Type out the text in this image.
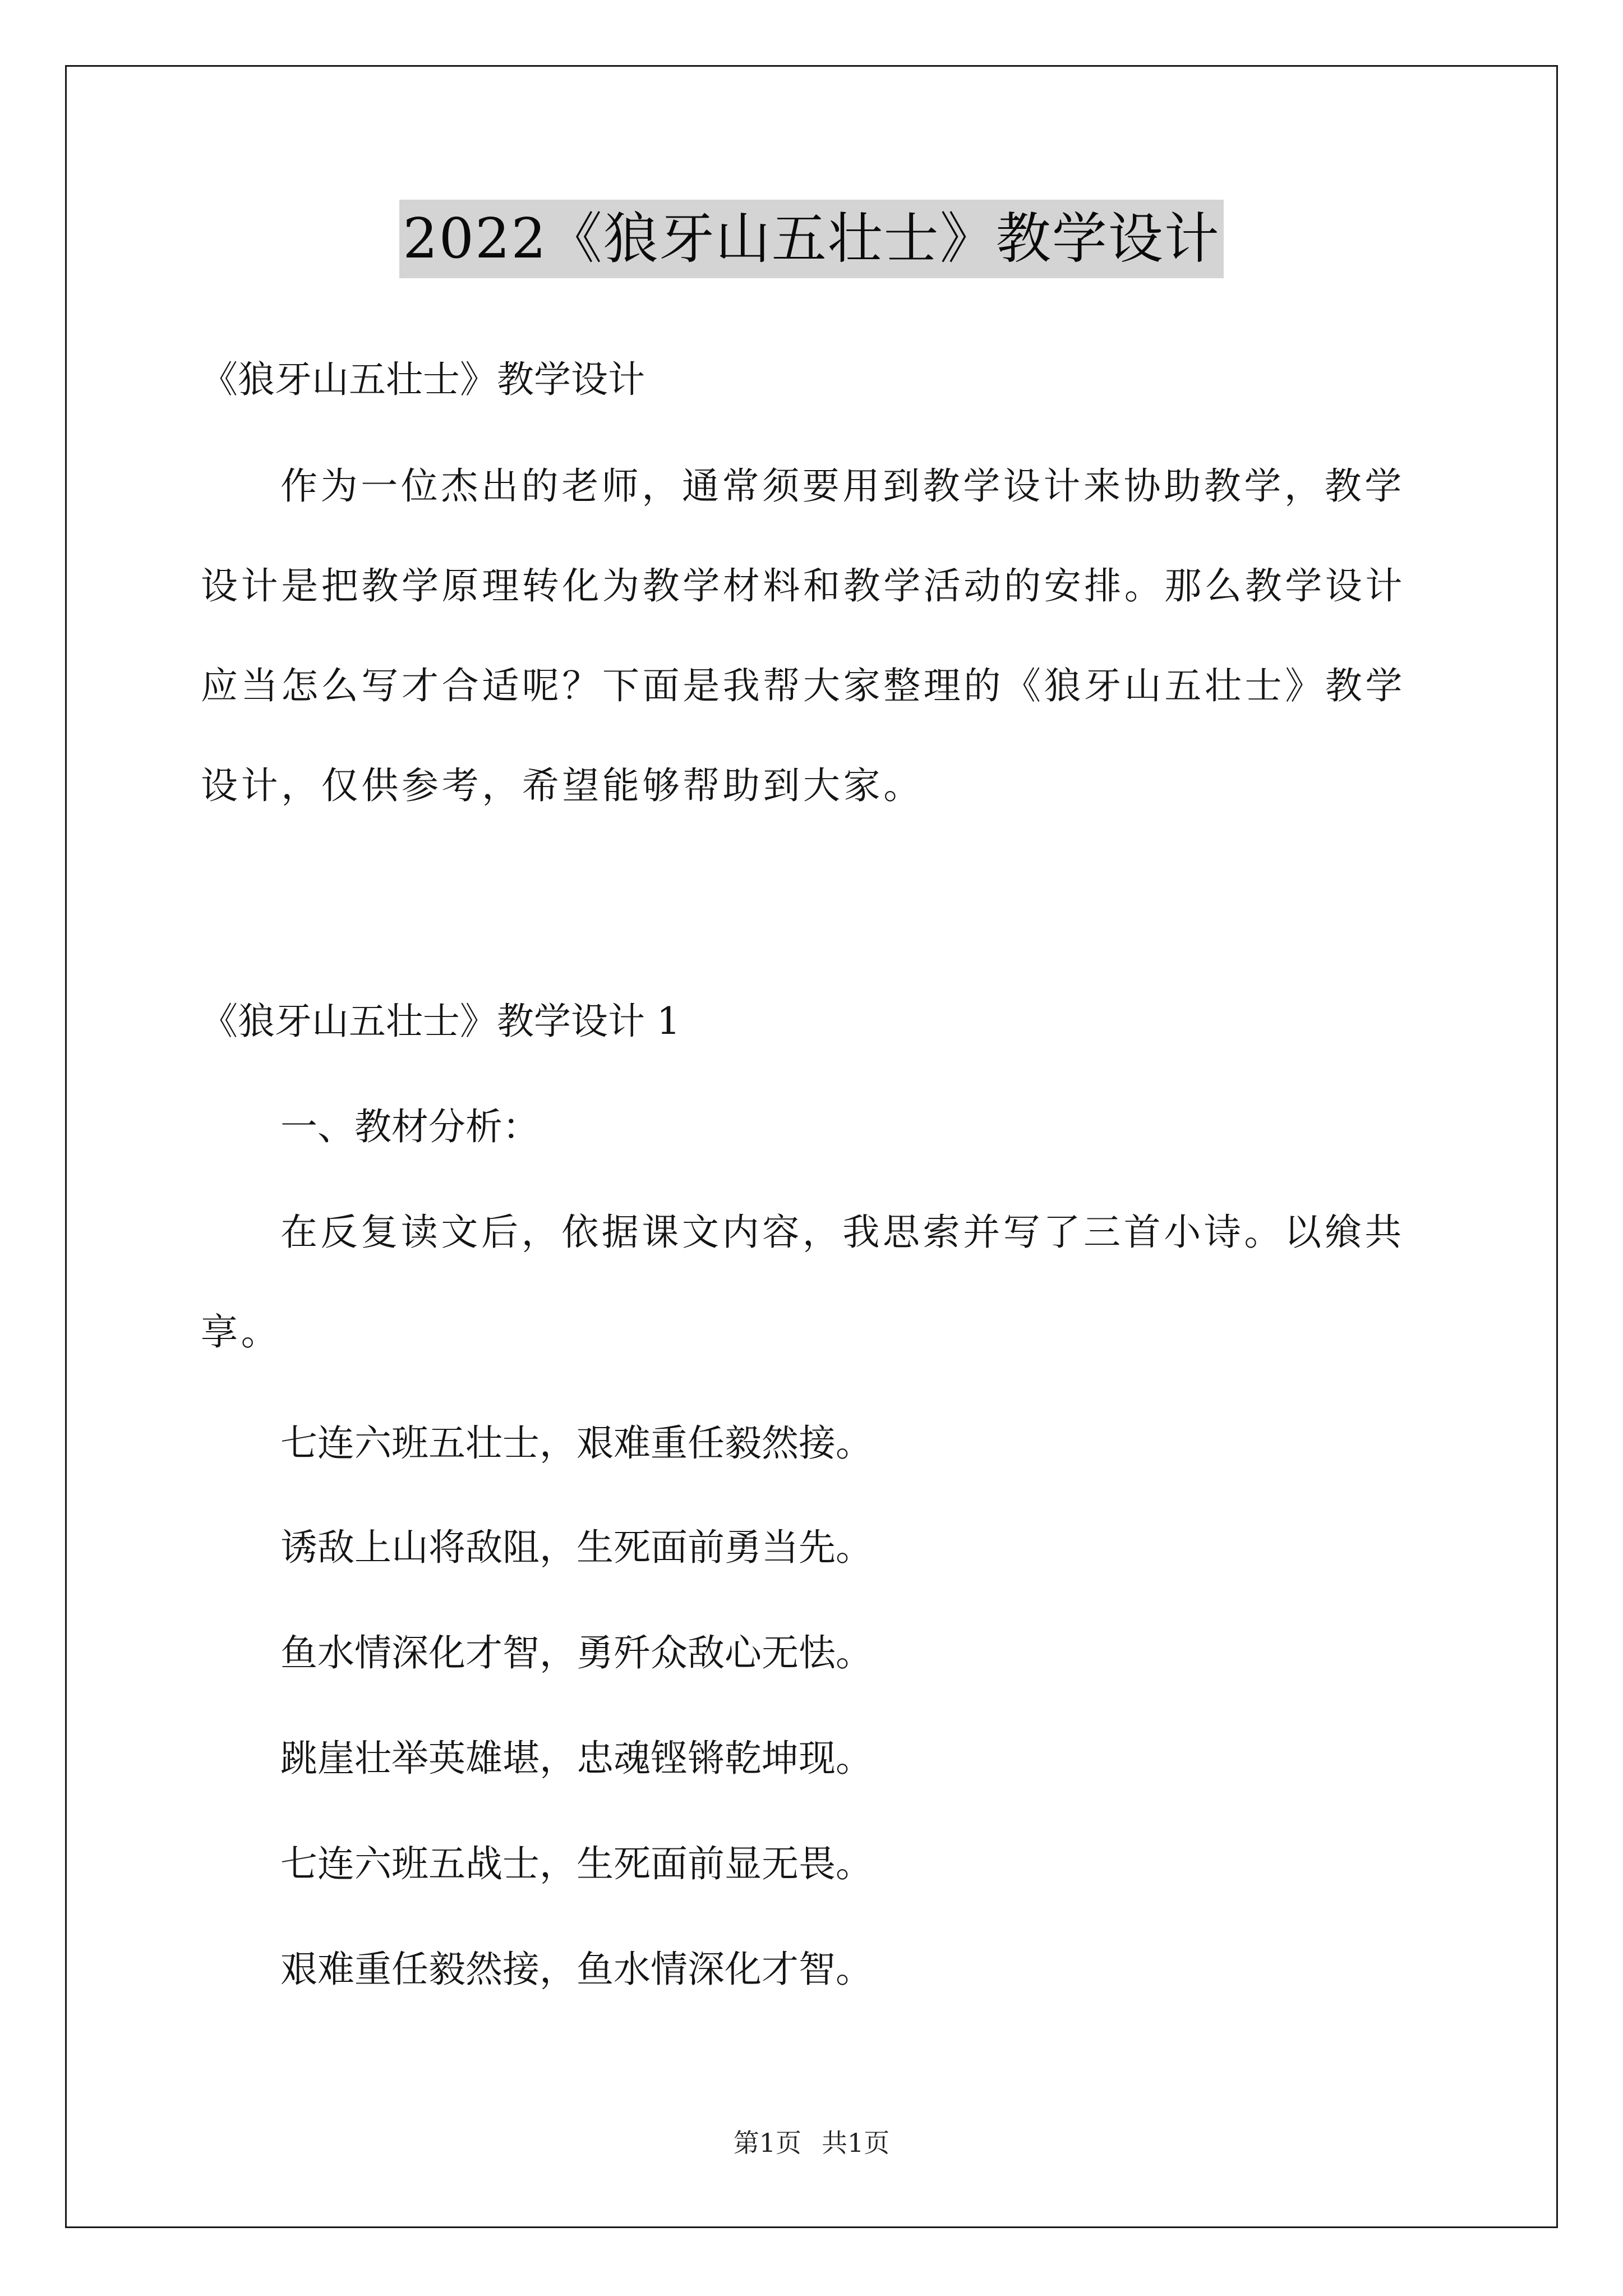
2022《狼牙山五壮士》教学设计
《狼牙山五壮士》教学设计
作为一位杰出的老师，通常须要用到教学设计来协助教学，教学
设计是把教学原理转化为教学材料和教学活动的安排。那么教学设计
应当怎么写才合适呢？下面是我帮大家整理的《狼牙山五壮士》教学
设计，仅供参考，希望能够帮助到大家。
《狼牙山五壮士》教学设计 1
一、教材分析：
在反复读文后，依据课文内容，我思索并写了三首小诗。以飨共
享。
七连六班五壮士，艰难重任毅然接。
诱敌上山将敌阻，生死面前勇当先。
鱼水情深化才智，勇歼众敌心无怯。
跳崖壮举英雄堪，忠魂铿锵乾坤现。
七连六班五战士，生死面前显无畏。
艰难重任毅然接，鱼水情深化才智。
第1页 共1页
